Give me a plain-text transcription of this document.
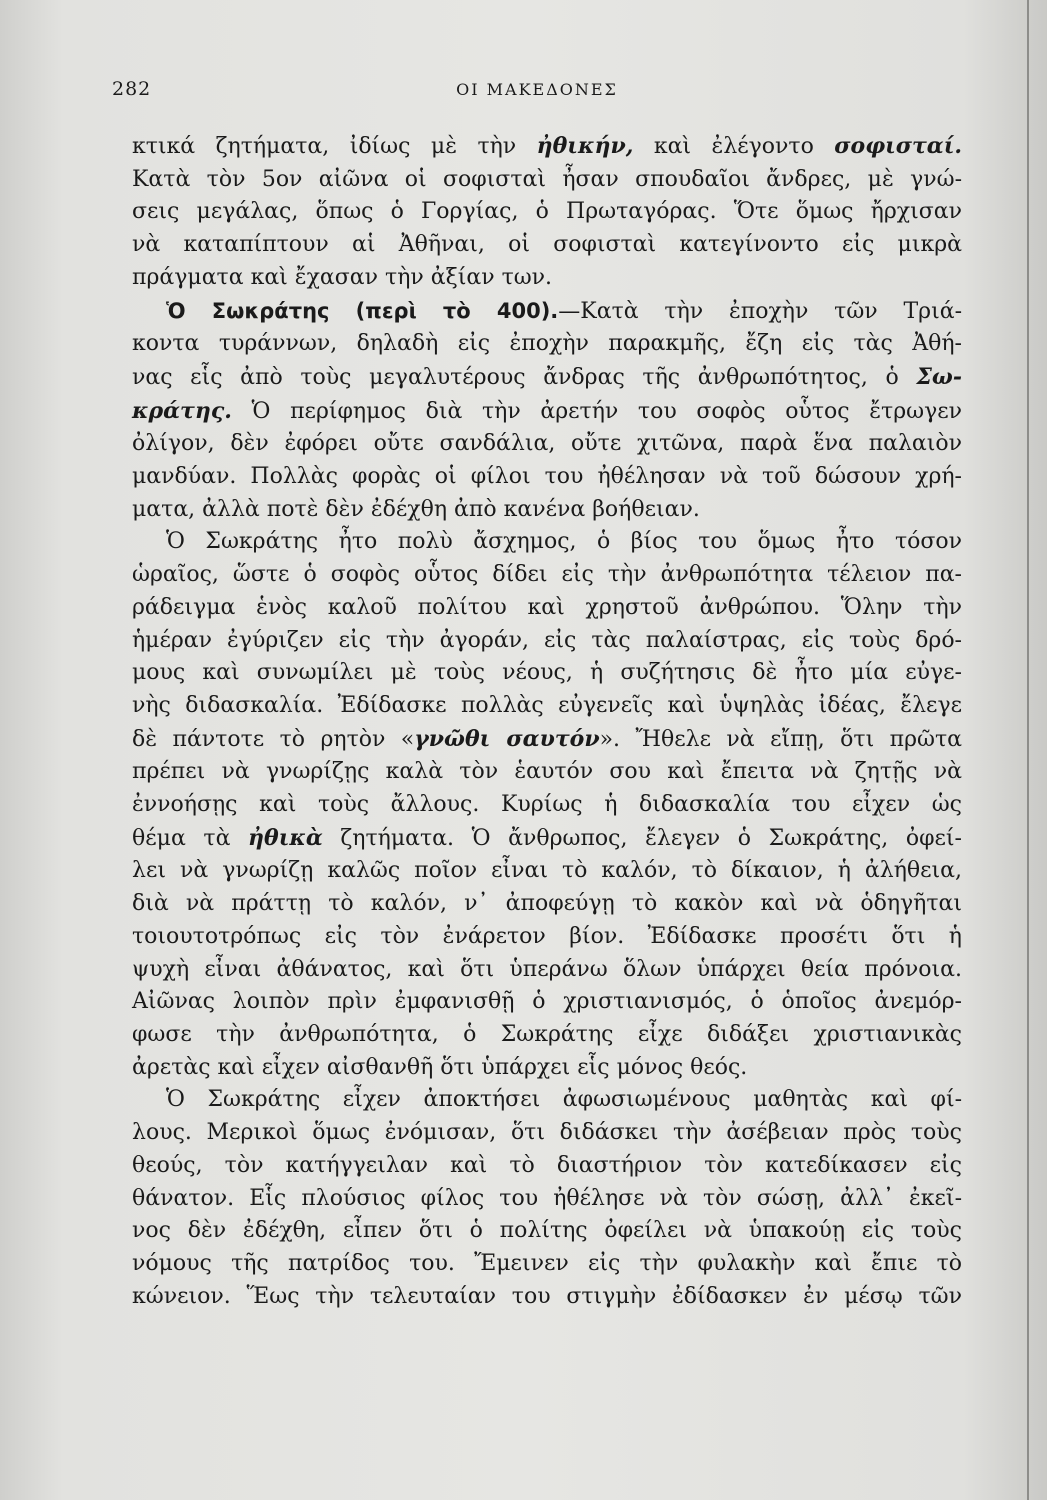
282	ΟΙ ΜΑΚΕΔΟΝΕΣ
κτικά ζητήματα, ἰδίως μὲ τὴν ἠθικήν, καὶ ἐλέγοντο σοφισταί.
Κατὰ τὸν 5ον αἰῶνα οἱ σοφισταὶ ἦσαν σπουδαῖοι ἄνδρες, μὲ γνώ-
σεις μεγάλας, ὅπως ὁ Γοργίας, ὁ Πρωταγόρας. Ὅτε ὅμως ἤρχισαν
νὰ καταπίπτουν αἱ Ἀθῆναι, οἱ σοφισταὶ κατεγίνοντο εἰς μικρὰ
πράγματα καὶ ἔχασαν τὴν ἀξίαν των.
Ὁ Σωκράτης (περὶ τὸ 400).—Κατὰ τὴν ἐποχὴν τῶν Τριά-
κοντα τυράννων, δηλαδὴ εἰς ἐποχὴν παρακμῆς, ἔζη εἰς τὰς Ἀθή-
νας εἷς ἀπὸ τοὺς μεγαλυτέρους ἄνδρας τῆς ἀνθρωπότητος, ὁ Σω-
κράτης. Ὁ περίφημος διὰ τὴν ἀρετήν του σοφὸς οὗτος ἔτρωγεν
ὀλίγον, δὲν ἐφόρει οὔτε σανδάλια, οὔτε χιτῶνα, παρὰ ἕνα παλαιὸν
μανδύαν. Πολλὰς φορὰς οἱ φίλοι του ἠθέλησαν νὰ τοῦ δώσουν χρή-
ματα, ἀλλὰ ποτὲ δὲν ἐδέχθη ἀπὸ κανένα βοήθειαν.
Ὁ Σωκράτης ἦτο πολὺ ἄσχημος, ὁ βίος του ὅμως ἦτο τόσον
ὡραῖος, ὥστε ὁ σοφὸς οὗτος δίδει εἰς τὴν ἀνθρωπότητα τέλειον πα-
ράδειγμα ἑνὸς καλοῦ πολίτου καὶ χρηστοῦ ἀνθρώπου. Ὅλην τὴν
ἡμέραν ἐγύριζεν εἰς τὴν ἀγοράν, εἰς τὰς παλαίστρας, εἰς τοὺς δρό-
μους καὶ συνωμίλει μὲ τοὺς νέους, ἡ συζήτησις δὲ ἦτο μία εὐγε-
νὴς διδασκαλία. Ἐδίδασκε πολλὰς εὐγενεῖς καὶ ὑψηλὰς ἰδέας, ἔλεγε
δὲ πάντοτε τὸ ρητὸν «γνῶθι σαυτόν». Ἤθελε νὰ εἴπῃ, ὅτι πρῶτα
πρέπει νὰ γνωρίζῃς καλὰ τὸν ἑαυτόν σου καὶ ἔπειτα νὰ ζητῇς νὰ
ἐννοήσῃς καὶ τοὺς ἄλλους. Κυρίως ἡ διδασκαλία του εἶχεν ὡς
θέμα τὰ ἠθικὰ ζητήματα. Ὁ ἄνθρωπος, ἔλεγεν ὁ Σωκράτης, ὀφεί-
λει νὰ γνωρίζῃ καλῶς ποῖον εἶναι τὸ καλόν, τὸ δίκαιον, ἡ ἀλήθεια,
διὰ νὰ πράττῃ τὸ καλόν, ν᾿ ἀποφεύγῃ τὸ κακὸν καὶ νὰ ὁδηγῆται
τοιουτοτρόπως εἰς τὸν ἐνάρετον βίον. Ἐδίδασκε προσέτι ὅτι ἡ
ψυχὴ εἶναι ἀθάνατος, καὶ ὅτι ὑπεράνω ὅλων ὑπάρχει θεία πρόνοια.
Αἰῶνας λοιπὸν πρὶν ἐμφανισθῇ ὁ χριστιανισμός, ὁ ὁποῖος ἀνεμόρ-
φωσε τὴν ἀνθρωπότητα, ὁ Σωκράτης εἶχε διδάξει χριστιανικὰς
ἀρετὰς καὶ εἶχεν αἰσθανθῆ ὅτι ὑπάρχει εἷς μόνος θεός.
Ὁ Σωκράτης εἶχεν ἀποκτήσει ἀφωσιωμένους μαθητὰς καὶ φί-
λους. Μερικοὶ ὅμως ἐνόμισαν, ὅτι διδάσκει τὴν ἀσέβειαν πρὸς τοὺς
θεούς, τὸν κατήγγειλαν καὶ τὸ διαστήριον τὸν κατεδίκασεν εἰς
θάνατον. Εἷς πλούσιος φίλος του ἠθέλησε νὰ τὸν σώσῃ, ἀλλ᾿ ἐκεῖ-
νος δὲν ἐδέχθη, εἶπεν ὅτι ὁ πολίτης ὀφείλει νὰ ὑπακούῃ εἰς τοὺς
νόμους τῆς πατρίδος του. Ἔμεινεν εἰς τὴν φυλακὴν καὶ ἔπιε τὸ
κώνειον. Ἕως τὴν τελευταίαν του στιγμὴν ἐδίδασκεν ἐν μέσῳ τῶν
